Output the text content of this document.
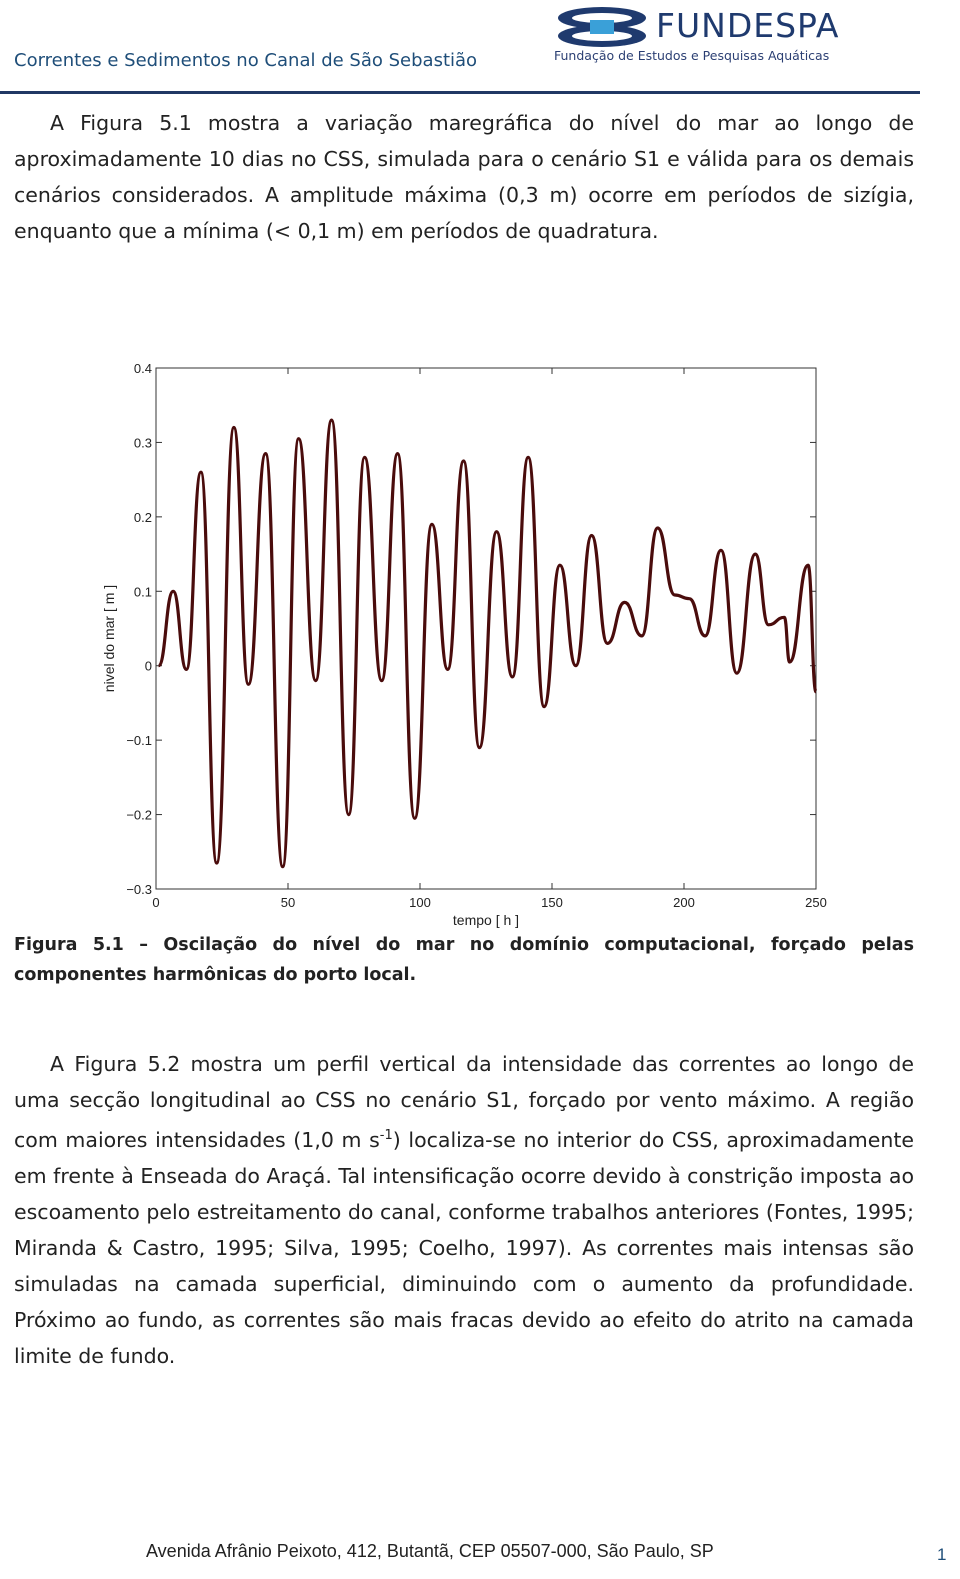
Correntes e Sedimentos no Canal de São Sebastião
FUNDESPA
Fundação de Estudos e Pesquisas Aquáticas
A Figura 5.1 mostra a variação maregráfica do nível do mar ao longo de aproximadamente 10 dias no CSS, simulada para o cenário S1 e válida para os demais cenários considerados. A amplitude máxima (0,3 m) ocorre em períodos de sizígia, enquanto que a mínima (< 0,1 m) em períodos de quadratura.
0.4
0.3
0.2
0.1
0
−0.1
−0.2
−0.3
0	50	100	150	200	250
tempo [ h ]
nivel do mar [ m ]
Figura 5.1 – Oscilação do nível do mar no domínio computacional, forçado pelas componentes harmônicas do porto local.
A Figura 5.2 mostra um perfil vertical da intensidade das correntes ao longo de uma secção longitudinal ao CSS no cenário S1, forçado por vento máximo. A região com maiores intensidades (1,0 m $s^{-1}$) localiza-se no interior do CSS, aproximadamente em frente à Enseada do Araçá. Tal intensificação ocorre devido à constrição imposta ao escoamento pelo estreitamento do canal, conforme trabalhos anteriores (Fontes, 1995; Miranda & Castro, 1995; Silva, 1995; Coelho, 1997). As correntes mais intensas são simuladas na camada superficial, diminuindo com o aumento da profundidade. Próximo ao fundo, as correntes são mais fracas devido ao efeito do atrito na camada limite de fundo.
Avenida Afrânio Peixoto, 412, Butantã, CEP 05507-000, São Paulo, SP	1
